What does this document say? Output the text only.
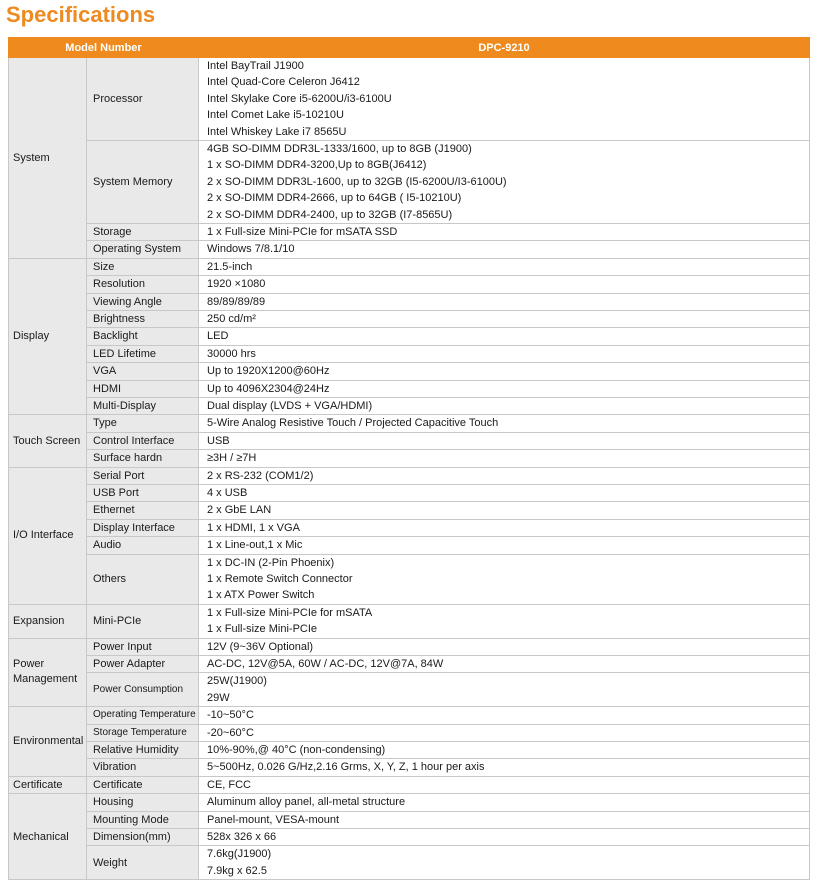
Specifications
Model Number		DPC-9210
System	Processor	Intel BayTrail J1900
Intel Quad-Core Celeron J6412
Intel Skylake Core i5-6200U/i3-6100U
Intel Comet Lake i5-10210U
Intel Whiskey Lake i7 8565U

	System Memory	4GB SO-DIMM DDR3L-1333/1600, up to 8GB (J1900)
1 x SO-DIMM DDR4-3200,Up to 8GB(J6412)
2 x SO-DIMM DDR3L-1600, up to 32GB (I5-6200U/I3-6100U)
2 x SO-DIMM DDR4-2666, up to 64GB ( I5-10210U)
2 x SO-DIMM DDR4-2400, up to 32GB (I7-8565U)

	Storage	1 x Full-size Mini-PCIe for mSATA SSD

	Operating System	Windows 7/8.1/10

Display	Size	21.5-inch

	Resolution	1920 ×1080

	Viewing Angle	89/89/89/89

	Brightness	250 cd/m²

	Backlight	LED

	LED Lifetime	30000 hrs

	VGA	Up to 1920X1200@60Hz

	HDMI	Up to 4096X2304@24Hz

	Multi-Display	Dual display (LVDS + VGA/HDMI)

Touch Screen	Type	5-Wire Analog Resistive Touch / Projected Capacitive Touch

	Control Interface	USB

	Surface hardn	≥3H / ≥7H

I/O Interface	Serial Port	2 x RS-232 (COM1/2)

	USB Port	4 x USB

	Ethernet	2 x GbE LAN

	Display Interface	1 x HDMI, 1 x VGA

	Audio	1 x Line-out,1 x Mic

	Others	1 x DC-IN (2-Pin Phoenix)
1 x Remote Switch Connector
1 x ATX Power Switch

Expansion	Mini-PCIe	1 x Full-size Mini-PCIe for mSATA
1 x Full-size Mini-PCIe

Power Management	Power Input	12V (9~36V Optional)

	Power Adapter	AC-DC, 12V@5A, 60W / AC-DC, 12V@7A, 84W

	Power Consumption	25W(J1900)
29W

Environmental	Operating Temperature	-10~50°C

	Storage Temperature	-20~60°C

	Relative Humidity	10%-90%,@ 40°C (non-condensing)

	Vibration	5~500Hz, 0.026 G/Hz,2.16 Grms, X, Y, Z, 1 hour per axis

Certificate	Certificate	CE, FCC

Mechanical	Housing	Aluminum alloy panel, all-metal structure

	Mounting Mode	Panel-mount, VESA-mount

	Dimension(mm)	528x 326 x 66

	Weight	7.6kg(J1900)
7.9kg x 62.5
